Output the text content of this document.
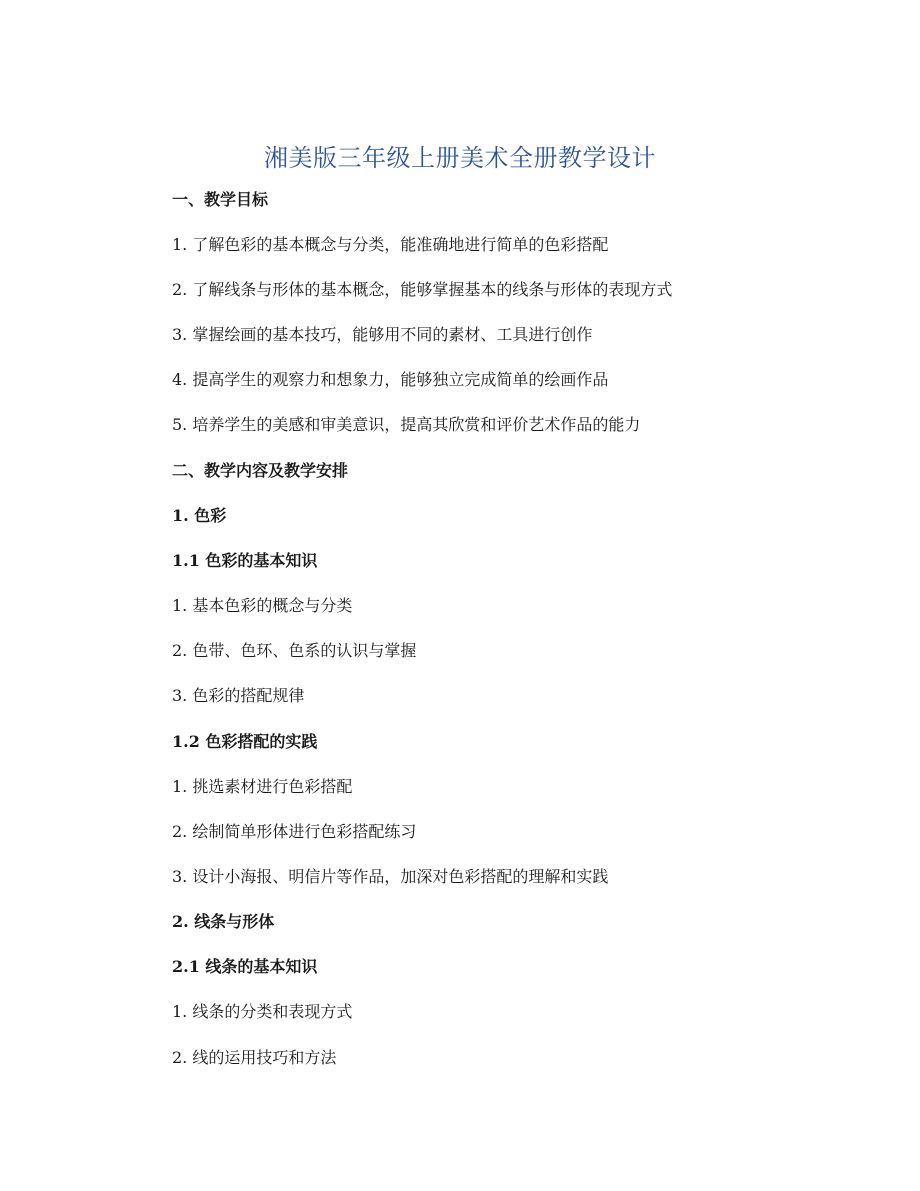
湘美版三年级上册美术全册教学设计
一、教学目标
1. 了解色彩的基本概念与分类，能准确地进行简单的色彩搭配
2. 了解线条与形体的基本概念，能够掌握基本的线条与形体的表现方式
3. 掌握绘画的基本技巧，能够用不同的素材、工具进行创作
4. 提高学生的观察力和想象力，能够独立完成简单的绘画作品
5. 培养学生的美感和审美意识，提高其欣赏和评价艺术作品的能力
二、教学内容及教学安排
1. 色彩
1.1 色彩的基本知识
1. 基本色彩的概念与分类
2. 色带、色环、色系的认识与掌握
3. 色彩的搭配规律
1.2 色彩搭配的实践
1. 挑选素材进行色彩搭配
2. 绘制简单形体进行色彩搭配练习
3. 设计小海报、明信片等作品，加深对色彩搭配的理解和实践
2. 线条与形体
2.1 线条的基本知识
1. 线条的分类和表现方式
2. 线的运用技巧和方法
